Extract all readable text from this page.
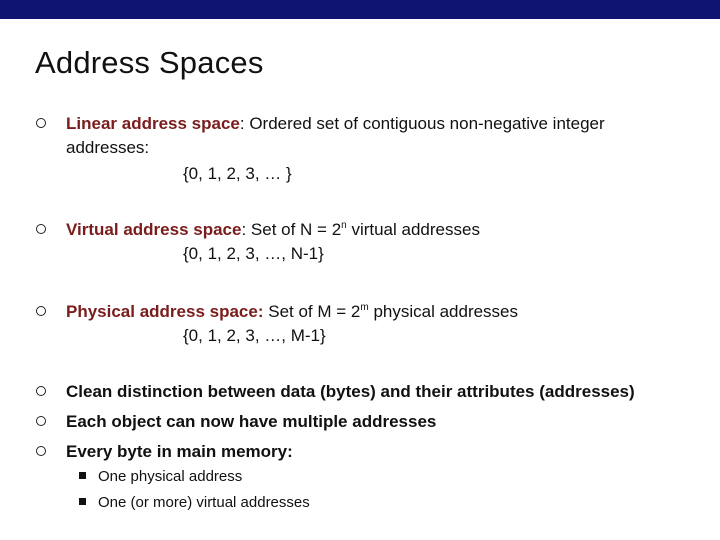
Address Spaces
Linear address space: Ordered set of contiguous non-negative integer
addresses:
{0, 1, 2, 3, … }
Virtual address space: Set of $N = 2^n$ virtual addresses
{0, 1, 2, 3, …, N-1}
Physical address space: Set of $M = 2^m$ physical addresses
{0, 1, 2, 3, …, M-1}
Clean distinction between data (bytes) and their attributes (addresses)
Each object can now have multiple addresses
Every byte in main memory:
One physical address
One (or more) virtual addresses
